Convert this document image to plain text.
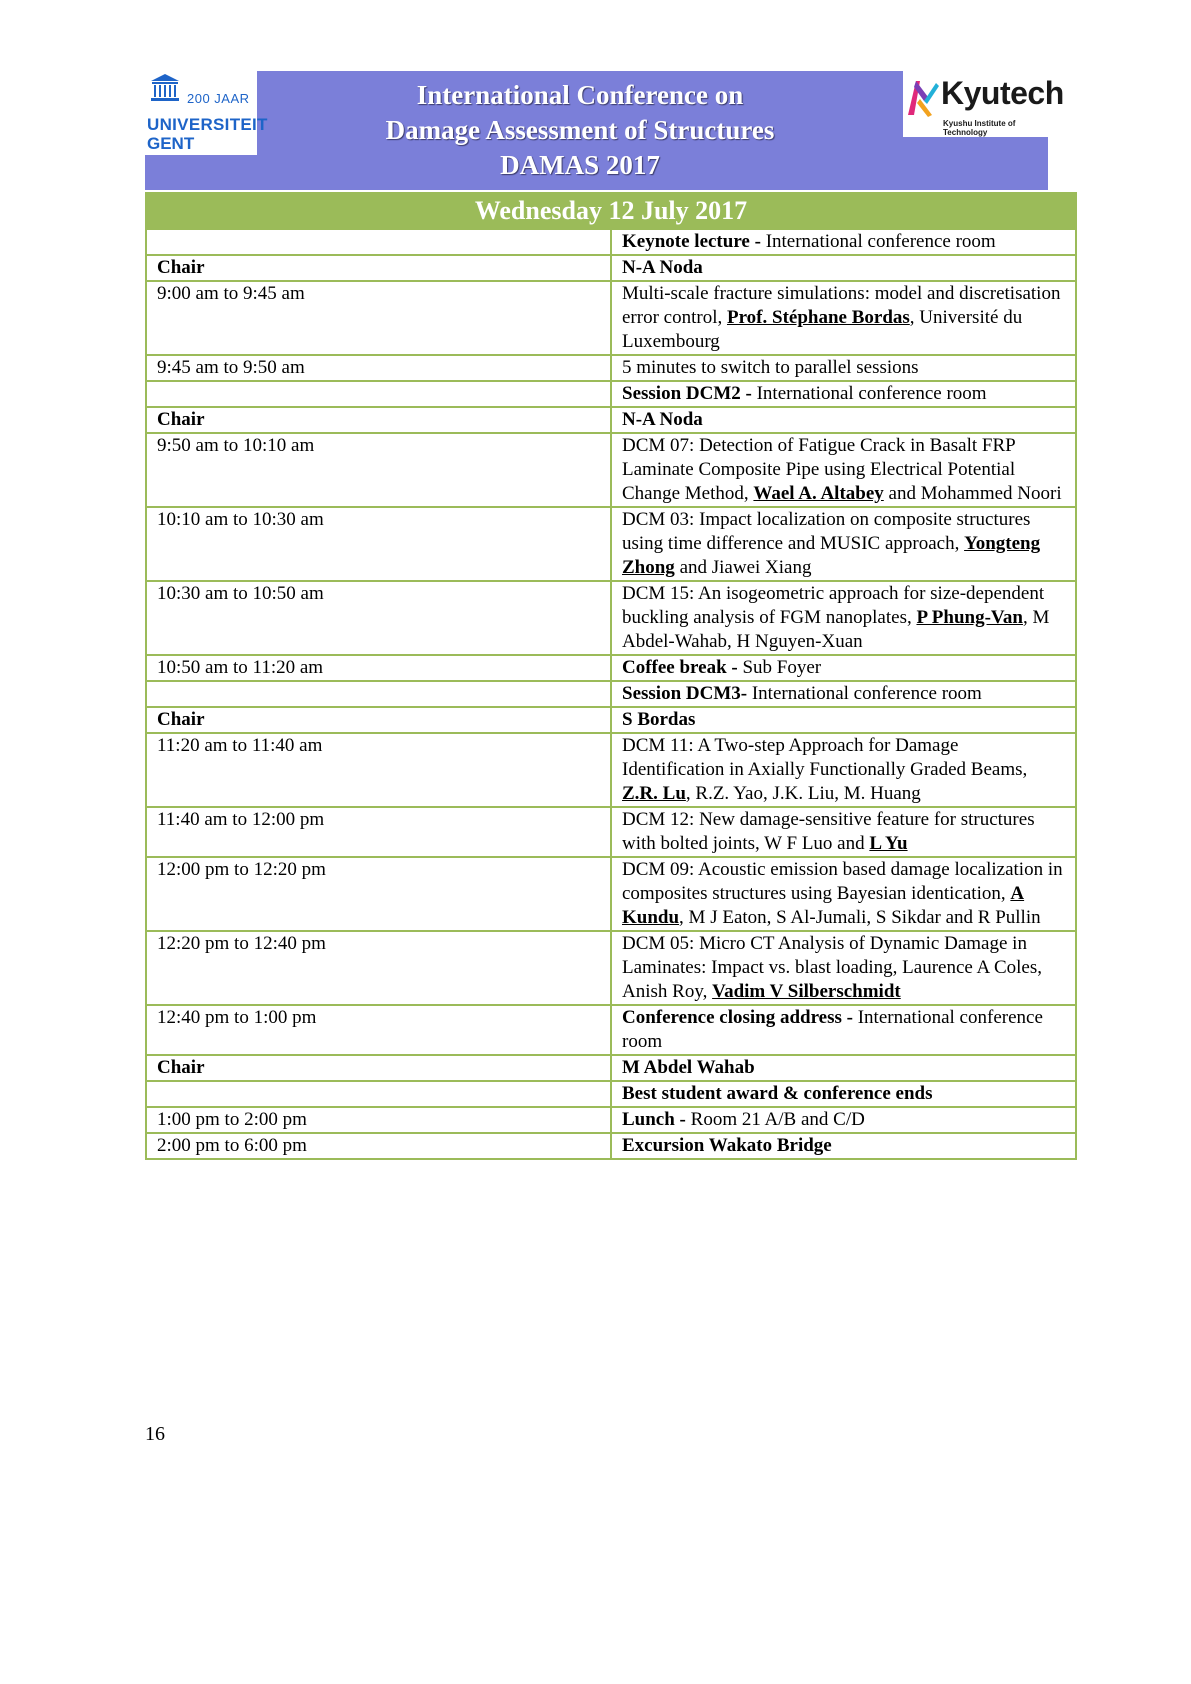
200 JAAR
UNIVERSITEIT
GENT
International Conference on
Damage Assessment of Structures
DAMAS 2017
Kyutech
Kyushu Institute of Technology
Wednesday 12 July 2017	
	Keynote lecture - International conference room
Chair	N-A Noda
9:00 am to 9:45 am	Multi-scale fracture simulations: model and discretisation error control, Prof. Stéphane Bordas, Université du Luxembourg
9:45 am to 9:50 am	5 minutes to switch to parallel sessions
	Session DCM2 - International conference room
Chair	N-A Noda
9:50 am to 10:10 am	DCM 07: Detection of Fatigue Crack in Basalt FRP Laminate Composite Pipe using Electrical Potential Change Method, Wael A. Altabey and Mohammed Noori
10:10 am to 10:30 am	DCM 03: Impact localization on composite structures using time difference and MUSIC approach, Yongteng Zhong and Jiawei Xiang
10:30 am to 10:50 am	DCM 15: An isogeometric approach for size-dependent buckling analysis of FGM nanoplates, P Phung-Van, M Abdel-Wahab, H Nguyen-Xuan
10:50 am to 11:20 am	Coffee break - Sub Foyer
	Session DCM3- International conference room
Chair	S Bordas
11:20 am to 11:40 am	DCM 11: A Two-step Approach for Damage Identification in Axially Functionally Graded Beams, Z.R. Lu, R.Z. Yao, J.K. Liu, M. Huang
11:40 am to 12:00 pm	DCM 12: New damage-sensitive feature for structures with bolted joints, W F Luo and L Yu
12:00 pm to 12:20 pm	DCM 09: Acoustic emission based damage localization in composites structures using Bayesian identication, A Kundu, M J Eaton, S Al-Jumali, S Sikdar and R Pullin
12:20 pm to 12:40 pm	DCM 05: Micro CT Analysis of Dynamic Damage in Laminates: Impact vs. blast loading, Laurence A Coles, Anish Roy, Vadim V Silberschmidt
12:40 pm to 1:00 pm	Conference closing address - International conference room
Chair	M Abdel Wahab
	Best student award & conference ends
1:00 pm to 2:00 pm	Lunch - Room 21 A/B and C/D
2:00 pm to 6:00 pm	Excursion Wakato Bridge
16
